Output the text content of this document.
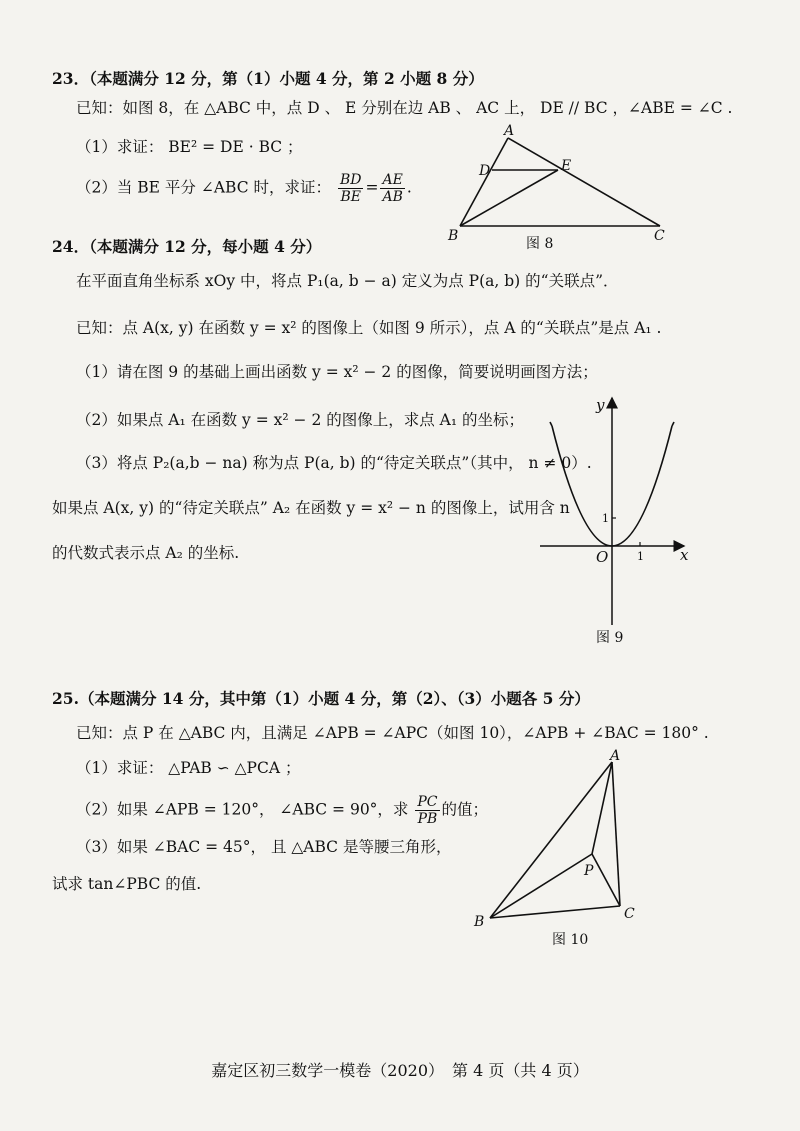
23．（本题满分 12 分，第（1）小题 4 分，第 2 小题 8 分）
已知：如图 8，在 △ABC 中，点 D 、 E 分别在边 AB 、 AC 上， DE // BC ，∠ABE = ∠C .
（1）求证： BE² = DE · BC ；
（2）当 BE 平分 ∠ABC 时，求证： $\frac{BD}{BE} = \frac{AE}{AB}$ .
A
D	E
B	C
图 8
24．（本题满分 12 分，每小题 4 分）
在平面直角坐标系 xOy 中，将点 P₁(a, b − a) 定义为点 P(a, b) 的“关联点”．
已知：点 A(x, y) 在函数 y = x² 的图像上（如图 9 所示），点 A 的“关联点”是点 A₁ .
（1）请在图 9 的基础上画出函数 y = x² − 2 的图像，简要说明画图方法；
（2）如果点 A₁ 在函数 y = x² − 2 的图像上，求点 A₁ 的坐标；
（3）将点 P₂(a,b − na) 称为点 P(a, b) 的“待定关联点”（其中， n ≠ 0）.
如果点 A(x, y) 的“待定关联点” A₂ 在函数 y = x² − n 的图像上，试用含 n
的代数式表示点 A₂ 的坐标.
y
x
O	1
1
图 9
25.（本题满分 14 分，其中第（1）小题 4 分，第（2）、（3）小题各 5 分）
已知：点 P 在 △ABC 内，且满足 ∠APB = ∠APC（如图 10），∠APB + ∠BAC = 180° .
（1）求证： △PAB ∽ △PCA ；
（2）如果 ∠APB = 120°， ∠ABC = 90°，求 $\frac{PC}{PB}$ 的值；
（3）如果 ∠BAC = 45°， 且 △ABC 是等腰三角形，
试求 tan∠PBC 的值.
A
P
B	C
图 10
嘉定区初三数学一模卷（2020）　第 4 页（共 4 页）
